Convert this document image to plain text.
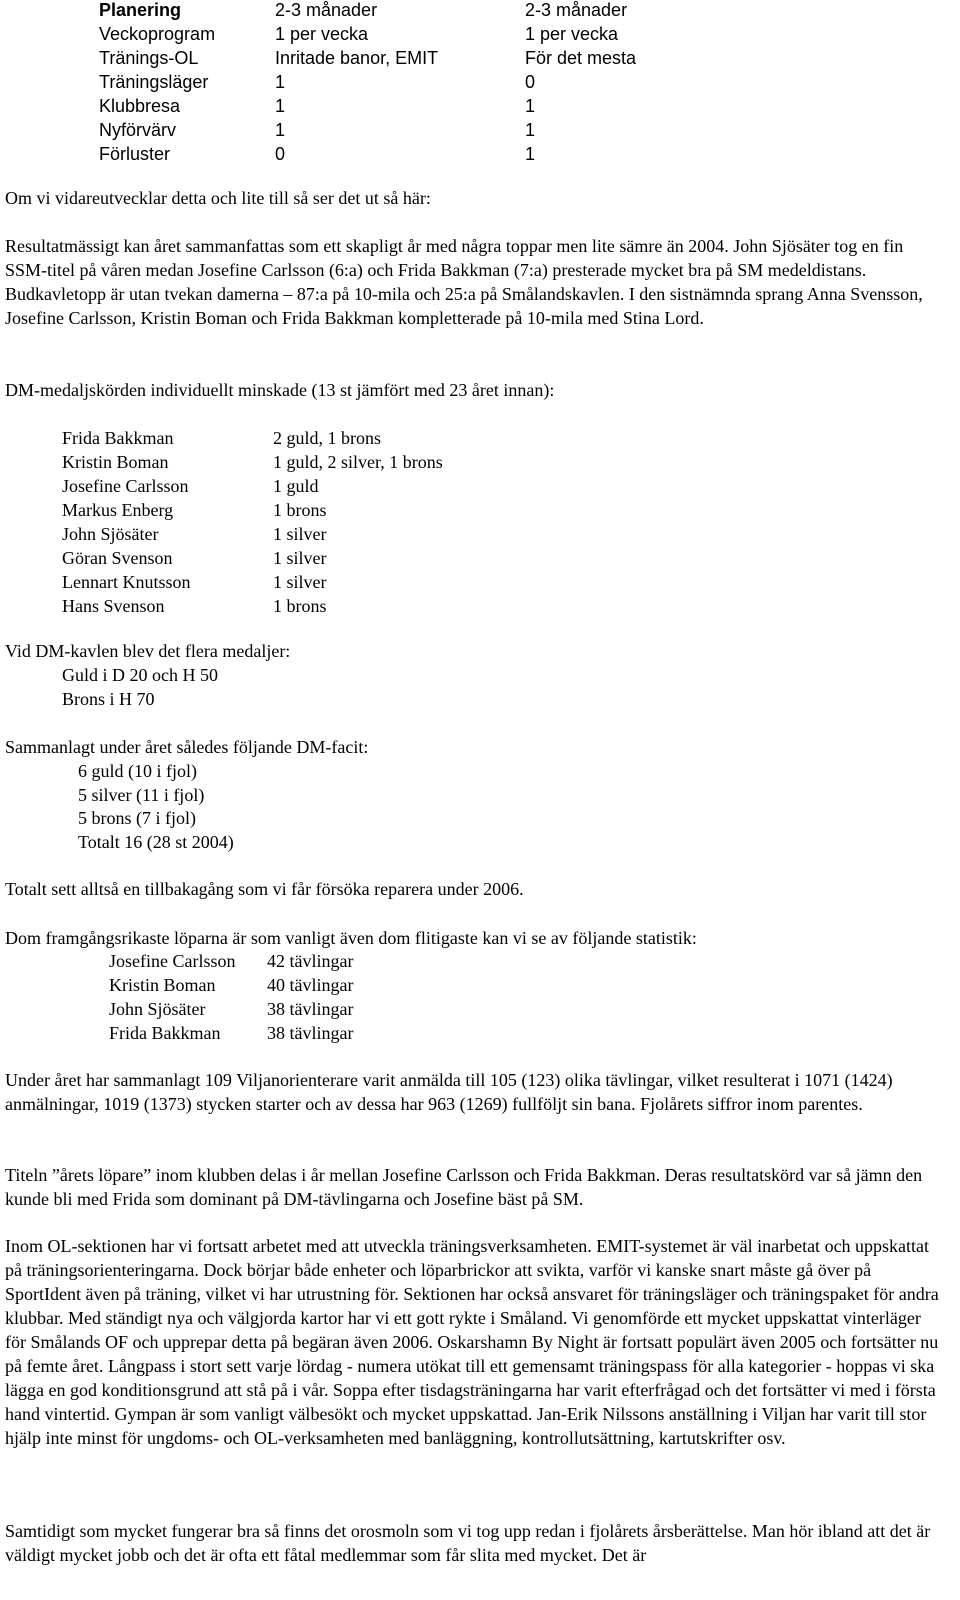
Planering	2-3 månader	2-3 månader
Veckoprogram	1 per vecka	1 per vecka
Tränings-OL	Inritade banor, EMIT	För det mesta
Träningsläger	1	0
Klubbresa	1	1
Nyförvärv	1	1
Förluster	0	1

Om vi vidareutvecklar detta och lite till så ser det ut så här:

Resultatmässigt kan året sammanfattas som ett skapligt år med några toppar men lite sämre än 2004. John Sjösäter tog en fin SSM-titel på våren medan Josefine Carlsson (6:a) och Frida Bakkman (7:a) presterade mycket bra på SM medeldistans. Budkavletopp är utan tvekan damerna – 87:a på 10-mila och 25:a på Smålandskavlen. I den sistnämnda sprang Anna Svensson, Josefine Carlsson, Kristin Boman och Frida Bakkman kompletterade på 10-mila med Stina Lord.

DM-medaljskörden individuellt minskade (13 st jämfört med 23 året innan):

Frida Bakkman	2 guld, 1 brons
Kristin Boman	1 guld, 2 silver, 1 brons
Josefine Carlsson	1 guld
Markus Enberg	1 brons
John Sjösäter	1 silver
Göran Svenson	1 silver
Lennart Knutsson	1 silver
Hans Svenson	1 brons
Vid DM-kavlen blev det flera medaljer:
Guld i D 20 och H 50
Brons i H 70
Sammanlagt under året således följande DM-facit:
6 guld (10 i fjol)
5 silver (11 i fjol)
5 brons (7 i fjol)
Totalt 16 (28 st 2004)

Totalt sett alltså en tillbakagång som vi får försöka reparera under 2006.

Dom framgångsrikaste löparna är som vanligt även dom flitigaste kan vi se av följande statistik:

Josefine Carlsson	42 tävlingar
Kristin Boman	40 tävlingar
John Sjösäter	38 tävlingar
Frida Bakkman	38 tävlingar

Under året har sammanlagt 109 Viljanorienterare varit anmälda till 105 (123) olika tävlingar, vilket resulterat i 1071 (1424) anmälningar, 1019 (1373) stycken starter och av dessa har 963 (1269) fullföljt sin bana. Fjolårets siffror inom parentes.

Titeln ”årets löpare” inom klubben delas i år mellan Josefine Carlsson och Frida Bakkman. Deras resultatskörd var så jämn den kunde bli med Frida som dominant på DM-tävlingarna och Josefine bäst på SM.

Inom OL-sektionen har vi fortsatt arbetet med att utveckla träningsverksamheten. EMIT-systemet är väl inarbetat och uppskattat på träningsorienteringarna. Dock börjar både enheter och löparbrickor att svikta, varför vi kanske snart måste gå över på SportIdent även på träning, vilket vi har utrustning för. Sektionen har också ansvaret för träningsläger och träningspaket för andra klubbar. Med ständigt nya och välgjorda kartor har vi ett gott rykte i Småland. Vi genomförde ett mycket uppskattat vinterläger för Smålands OF och upprepar detta på begäran även 2006. Oskarshamn By Night är fortsatt populärt även 2005 och fortsätter nu på femte året. Långpass i stort sett varje lördag - numera utökat till ett gemensamt träningspass för alla kategorier - hoppas vi ska lägga en god konditionsgrund att stå på i vår. Soppa efter tisdagsträningarna har varit efterfrågad och det fortsätter vi med i första hand vintertid. Gympan är som vanligt välbesökt och mycket uppskattad. Jan-Erik Nilssons anställning i Viljan har varit till stor hjälp inte minst för ungdoms- och OL-verksamheten med banläggning, kontrollutsättning, kartutskrifter osv.

Samtidigt som mycket fungerar bra så finns det orosmoln som vi tog upp redan i fjolårets årsberättelse. Man hör ibland att det är väldigt mycket jobb och det är ofta ett fåtal medlemmar som får slita med mycket. Det är
